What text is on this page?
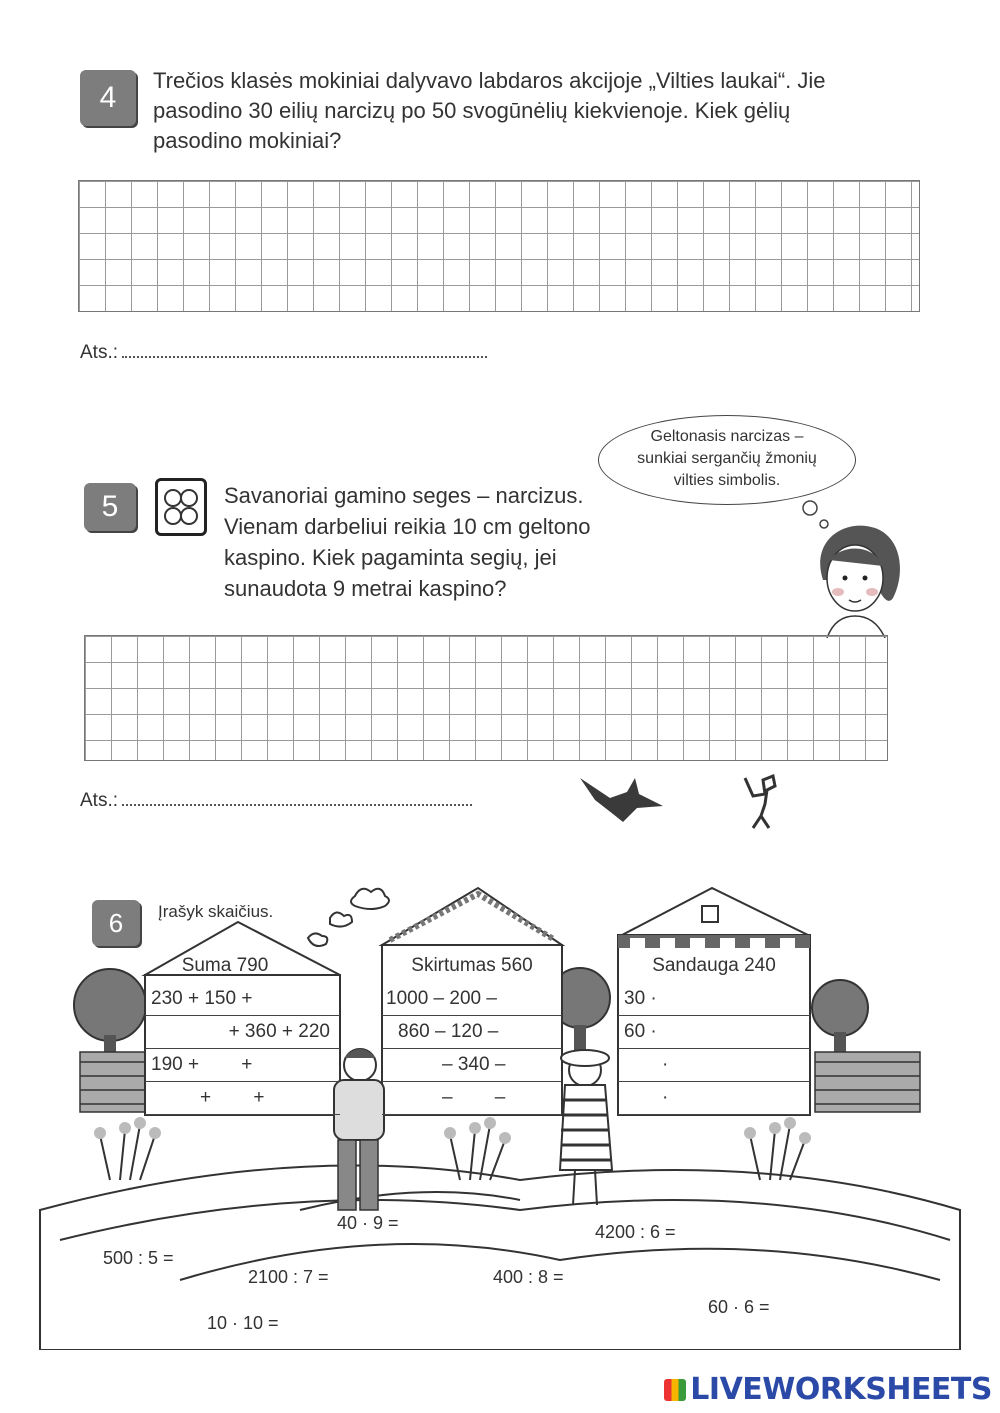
4
Trečios klasės mokiniai dalyvavo labdaros akcijoje „Vilties laukai“. Jie
pasodino 30 eilių narcizų po 50 svogūnėlių kiekvienoje. Kiek gėlių
pasodino mokiniai?
Ats.:
5	Savanoriai gamino seges – narcizus.
Vienam darbeliui reikia 10 cm geltono
kaspino. Kiek pagaminta segių, jei
sunaudota 9 metrai kaspino?
Geltonasis narcizas –
sunkiai sergančių žmonių
vilties simbolis.
Ats.:
6 Įrašyk skaičius.
Suma 790
230 + 150 +
+ 360 + 220
190 +        +
+        +
Skirtumas 560
1000 – 200 –
860 – 120 –
– 340 –
–        –
Sandauga 240
30 ·
60 ·
·
·
40 · 9 =	4200 : 6 =
500 : 5 =
2100 : 7 =	400 : 8 =
60 · 6 =
10 · 10 =
LIVEWORKSHEETS
